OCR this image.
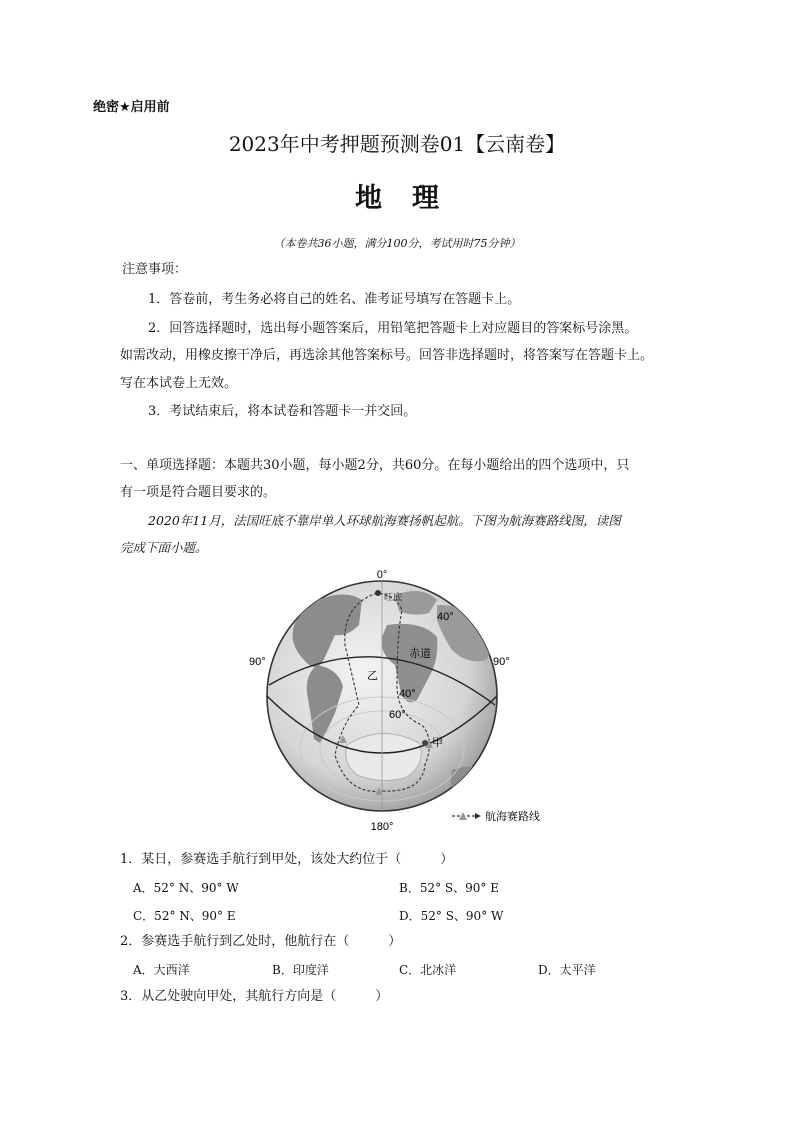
绝密★启用前
2023年中考押题预测卷01【云南卷】
地理
（本卷共36小题，满分100分，考试用时75分钟）
注意事项：
1．答卷前，考生务必将自己的姓名、准考证号填写在答题卡上。
2．回答选择题时，选出每小题答案后，用铅笔把答题卡上对应题目的答案标号涂黑。
如需改动，用橡皮擦干净后，再选涂其他答案标号。回答非选择题时，将答案写在答题卡上。
写在本试卷上无效。
3．考试结束后，将本试卷和答题卡一并交回。
一、单项选择题：本题共30小题，每小题2分，共60分。在每小题给出的四个选项中，只
有一项是符合题目要求的。
2020年11月，法国旺底不靠岸单人环球航海赛扬帆起航。下图为航海赛路线图，读图
完成下面小题。
旺底
0°
180°
90°	90°
40°
40°
60°
赤道
乙
甲
航海赛路线
1．某日，参赛选手航行到甲处，该处大约位于（　　　）
A．52° N、90° W	B．52° S、90° E
C．52° N、90° E	D．52° S、90° W
2．参赛选手航行到乙处时，他航行在（　　　）
A．大西洋	B．印度洋	C．北冰洋	D．太平洋
3．从乙处驶向甲处，其航行方向是（　　　）
